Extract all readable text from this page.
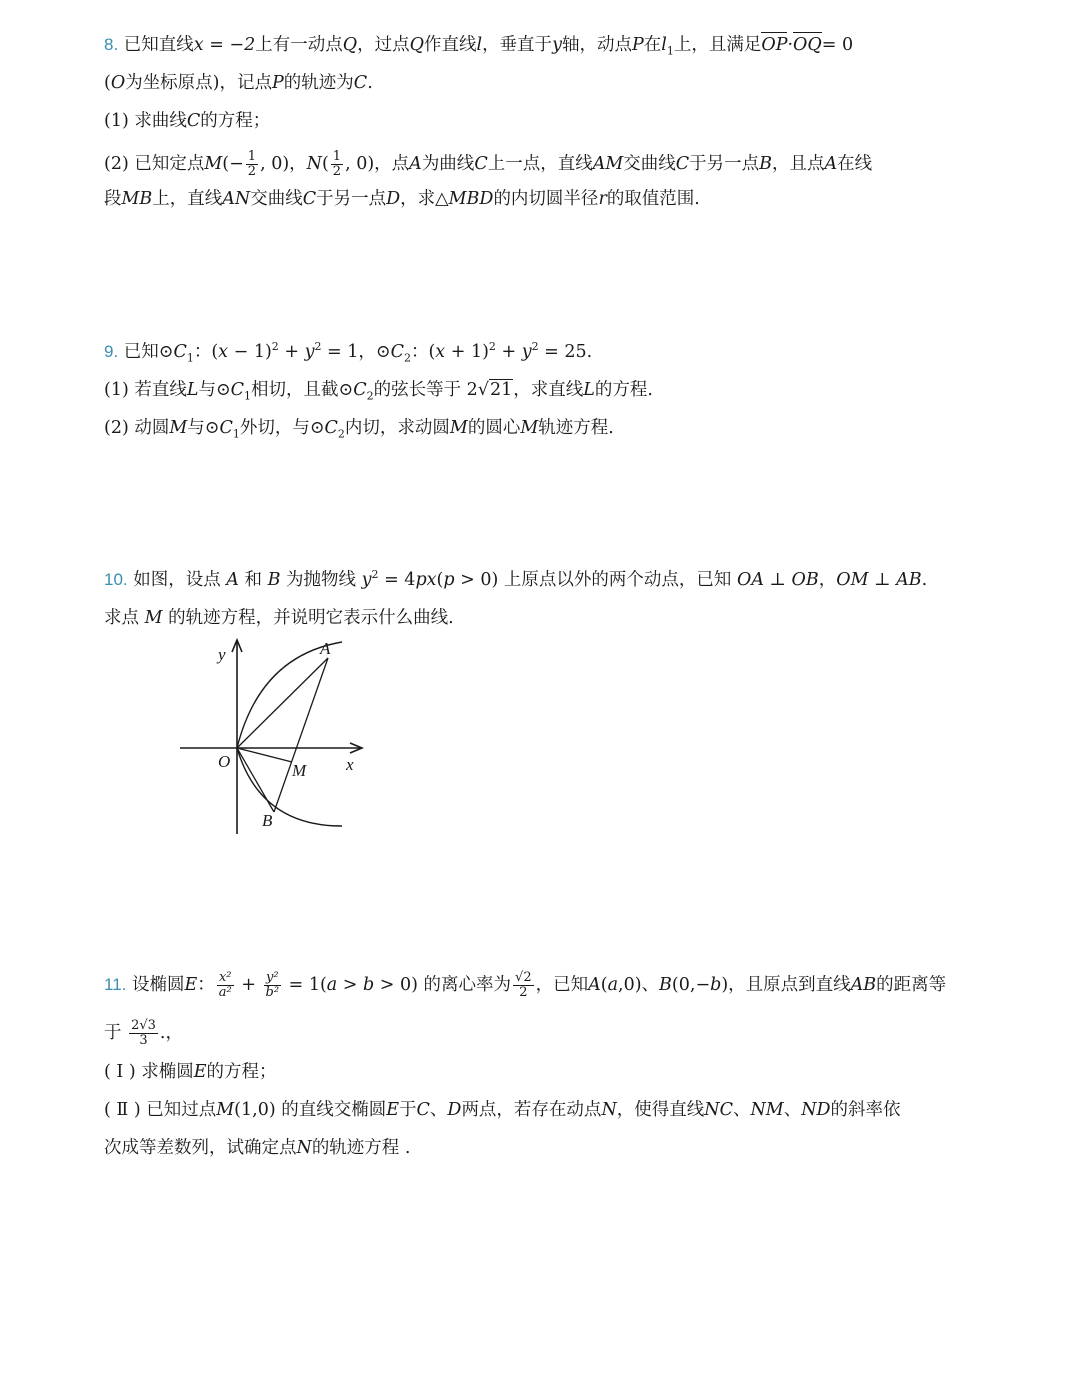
8. 已知直线x = −2上有一动点Q，过点Q作直线l，垂直于y轴，动点P在$l_1$上，且满足OP·OQ= 0
(O为坐标原点)，记点P的轨迹为C.
(1) 求曲线C的方程；
(2) 已知定点$M(- \frac{1}{2}$ , 0)，$N( \frac{1}{2}$ , 0)，点A为曲线C上一点，直线AM交曲线C于另一点B，且点A在线
段MB上，直线AN交曲线C于另一点D，求△MBD的内切圆半径r的取值范围.
9. 已知$⊙C_1$：$(x - 1)^2 + y^2 = 1$，$⊙C_2$：$(x + 1)^2 + y^2 = 25$.
(1) 若直线L与$⊙C_1$相切，且截$⊙C_2$的弦长等于 2√21，求直线L的方程.
(2) 动圆M与$⊙C_1$外切，与$⊙C_2$内切，求动圆M的圆心M轨迹方程.
10. 如图，设点 A 和 B 为抛物线 $y^2 = 4px(p > 0)$ 上原点以外的两个动点，已知 OA ⊥ OB，OM ⊥ AB.
求点 M 的轨迹方程，并说明它表示什么曲线.
y
x
O
A
B
M
11. 设椭圆E： $\frac{\text{x²}}{\text{a²}} + \frac{\text{y²}}{\text{b²}} = 1(a > b > 0)$ 的离心率为 $\frac{√2}{2}$ ，已知A(a,0)、B(0,−b)，且原点到直线AB的距离等
于 $\frac{2√3}{3}$ .，
( Ⅰ ) 求椭圆E的方程；
( Ⅱ ) 已知过点M(1,0) 的直线交椭圆E于C、D两点，若存在动点N，使得直线NC、NM、ND的斜率依
次成等差数列，试确定点N的轨迹方程 .
